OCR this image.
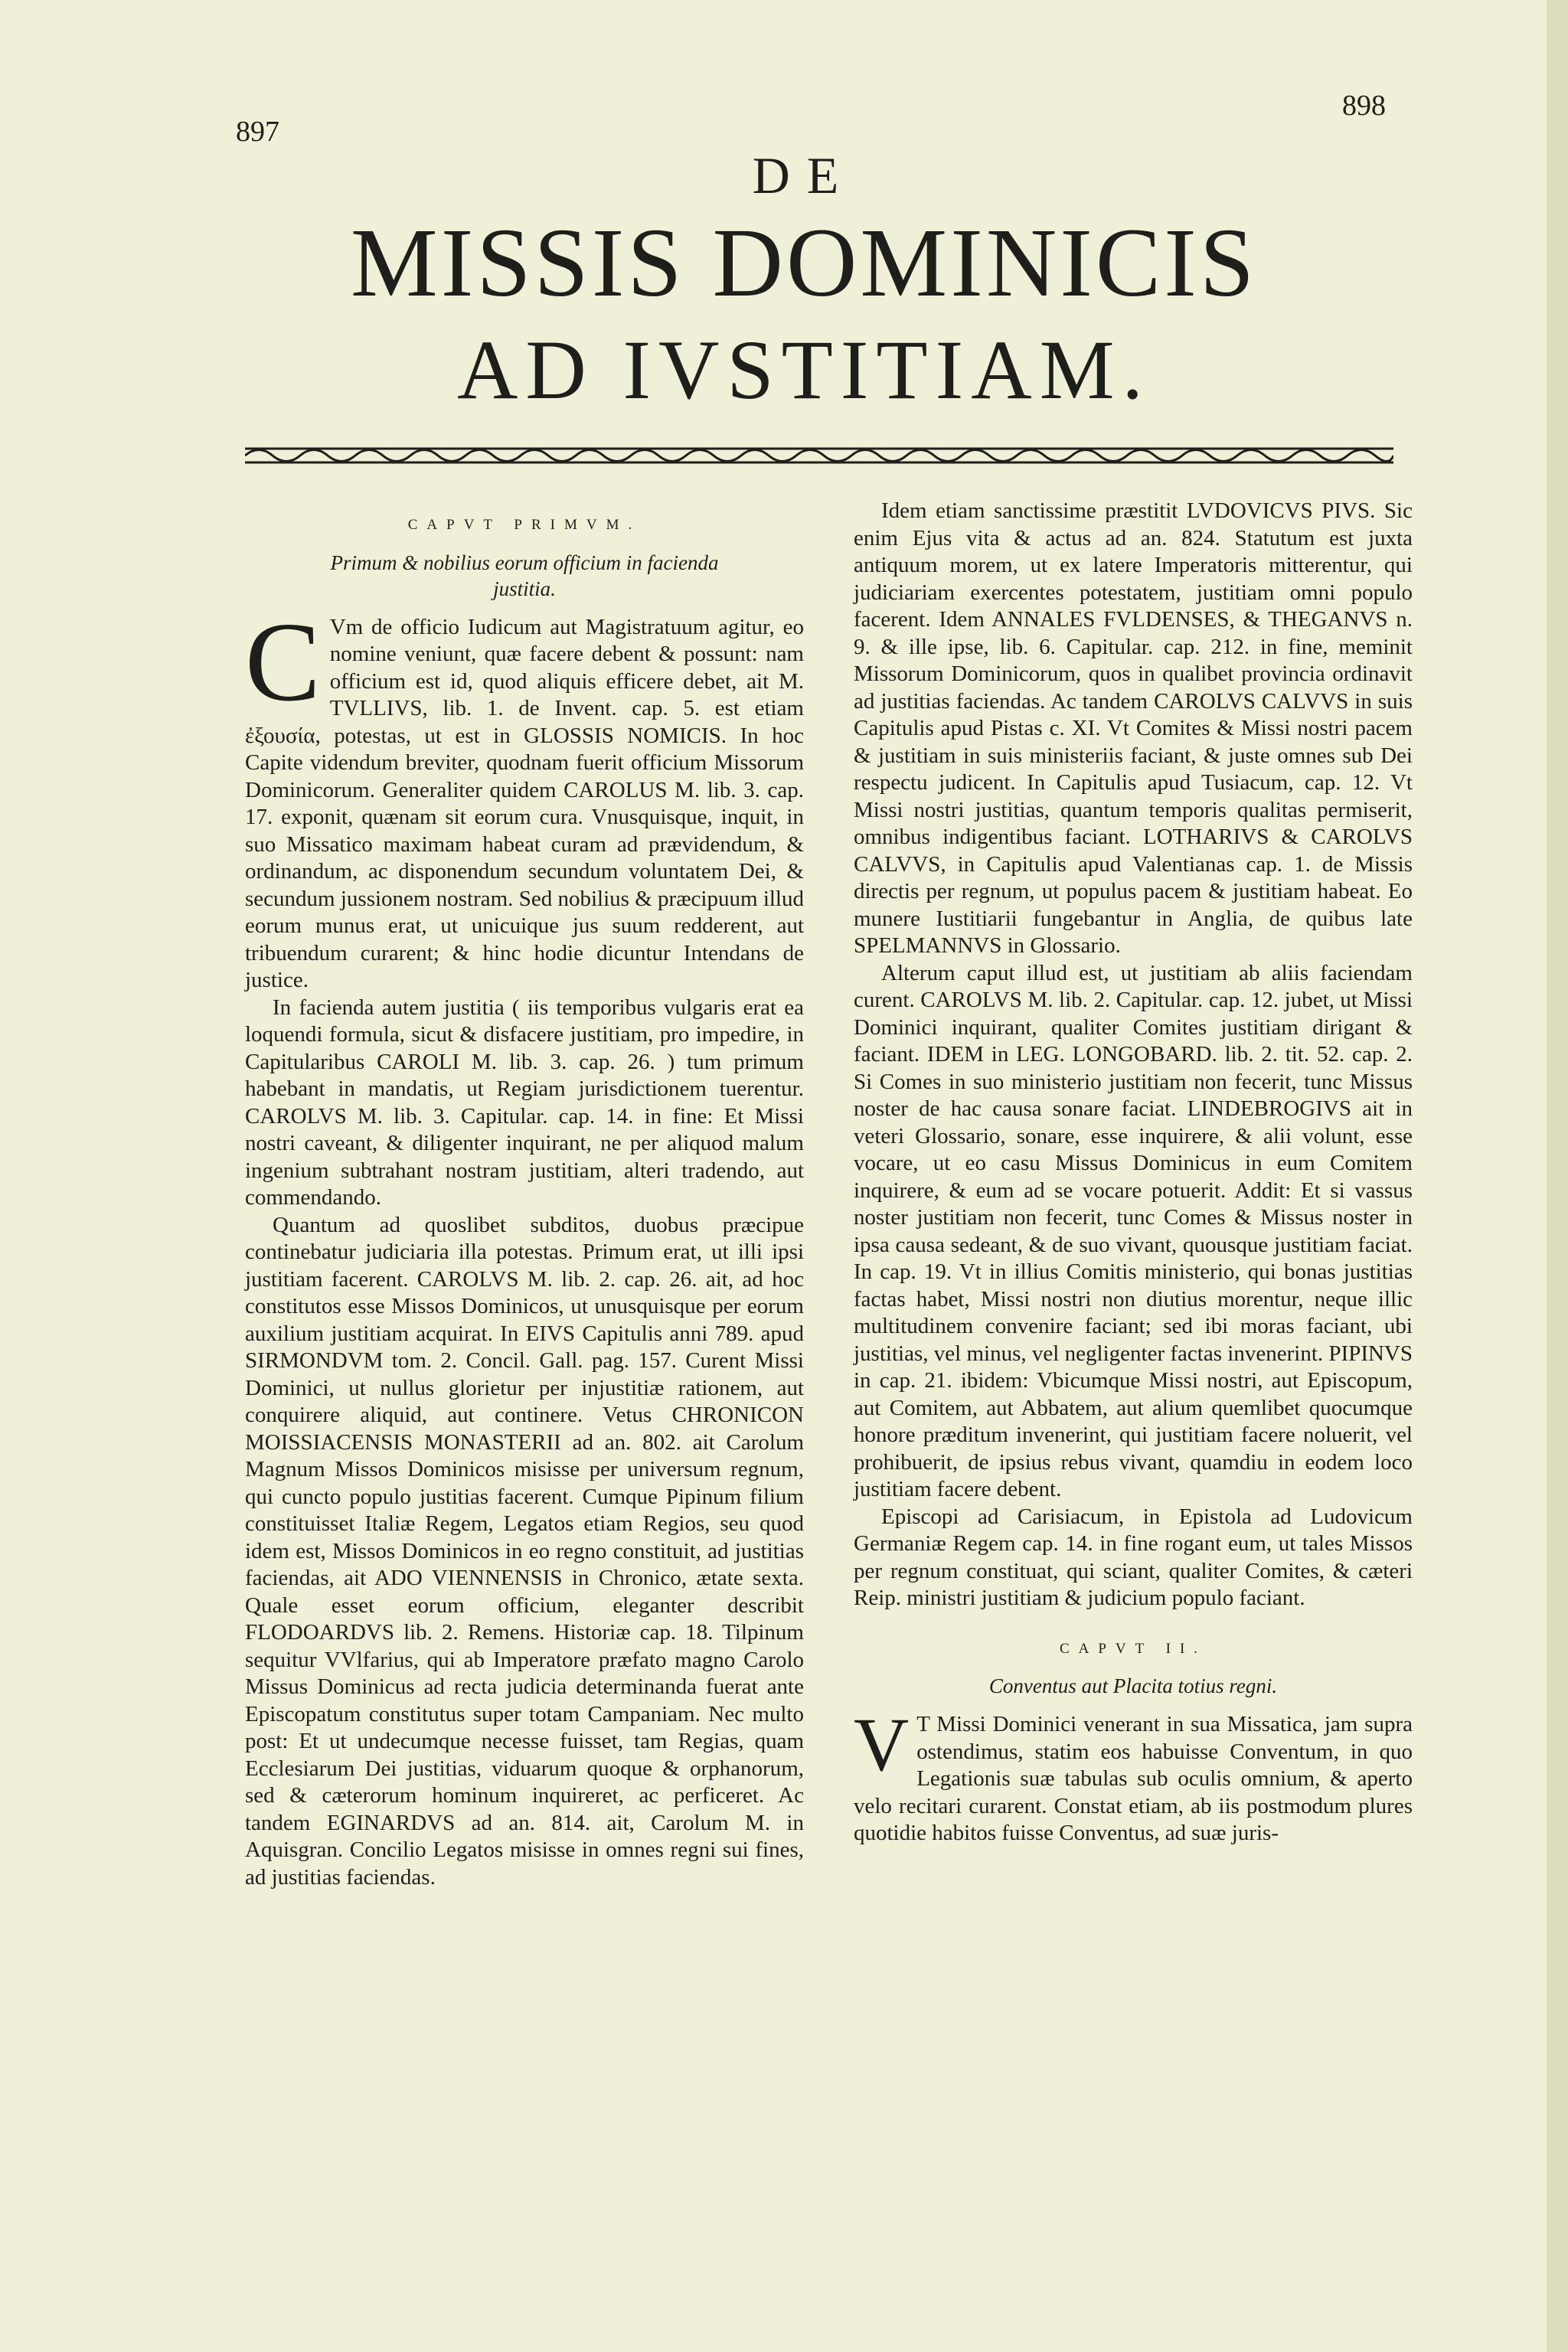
897
898
DE
MISSIS DOMINICIS
AD IVSTITIAM.
CAPVT PRIMVM.
Primum & nobilius eorum officium in facienda justitia.

C Vm de officio Iudicum aut Magistratuum agitur, eo nomine veniunt, quæ facere debent & possunt: nam officium est id, quod aliquis efficere debet, ait M. TVLLIVS, lib. 1. de Invent. cap. 5. est etiam ἐξουσία, potestas, ut est in GLOSSIS NOMICIS. In hoc Capite videndum breviter, quodnam fuerit officium Missorum Dominicorum. Generaliter quidem CAROLUS M. lib. 3. cap. 17. exponit, quænam sit eorum cura. Vnusquisque, inquit, in suo Missatico maximam habeat curam ad prævidendum, & ordinandum, ac disponendum secundum voluntatem Dei, & secundum jussionem nostram. Sed nobilius & præcipuum illud eorum munus erat, ut unicuique jus suum redderent, aut tribuendum curarent; & hinc hodie dicuntur Intendans de justice.

In facienda autem justitia ( iis temporibus vulgaris erat ea loquendi formula, sicut & disfacere justitiam, pro impedire, in Capitularibus CAROLI M. lib. 3. cap. 26. ) tum primum habebant in mandatis, ut Regiam jurisdictionem tuerentur. CAROLVS M. lib. 3. Capitular. cap. 14. in fine: Et Missi nostri caveant, & diligenter inquirant, ne per aliquod malum ingenium subtrahant nostram justitiam, alteri tradendo, aut commendando.

Quantum ad quoslibet subditos, duobus præcipue continebatur judiciaria illa potestas. Primum erat, ut illi ipsi justitiam facerent. CAROLVS M. lib. 2. cap. 26. ait, ad hoc constitutos esse Missos Dominicos, ut unusquisque per eorum auxilium justitiam acquirat. In EIVS Capitulis anni 789. apud SIRMONDVM tom. 2. Concil. Gall. pag. 157. Curent Missi Dominici, ut nullus glorietur per injustitiæ rationem, aut conquirere aliquid, aut continere. Vetus CHRONICON MOISSIACENSIS MONASTERII ad an. 802. ait Carolum Magnum Missos Dominicos misisse per universum regnum, qui cuncto populo justitias facerent. Cumque Pipinum filium constituisset Italiæ Regem, Legatos etiam Regios, seu quod idem est, Missos Dominicos in eo regno constituit, ad justitias faciendas, ait ADO VIENNENSIS in Chronico, ætate sexta. Quale esset eorum officium, eleganter describit FLODOARDVS lib. 2. Remens. Historiæ cap. 18. Tilpinum sequitur VVlfarius, qui ab Imperatore præfato magno Carolo Missus Dominicus ad recta judicia determinanda fuerat ante Episcopatum constitutus super totam Campaniam. Nec multo post: Et ut undecumque necesse fuisset, tam Regias, quam Ecclesiarum Dei justitias, viduarum quoque & orphanorum, sed & cæterorum hominum inquireret, ac perficeret. Ac tandem EGINARDVS ad an. 814. ait, Carolum M. in Aquisgran. Concilio Legatos misisse in omnes regni sui fines, ad justitias faciendas.

Idem etiam sanctissime præstitit LVDOVICVS PIVS. Sic enim Ejus vita & actus ad an. 824. Statutum est juxta antiquum morem, ut ex latere Imperatoris mitterentur, qui judiciariam exercentes potestatem, justitiam omni populo facerent. Idem ANNALES FVLDENSES, & THEGANVS n. 9. & ille ipse, lib. 6. Capitular. cap. 212. in fine, meminit Missorum Dominicorum, quos in qualibet provincia ordinavit ad justitias faciendas. Ac tandem CAROLVS CALVVS in suis Capitulis apud Pistas c. XI. Vt Comites & Missi nostri pacem & justitiam in suis ministeriis faciant, & juste omnes sub Dei respectu judicent. In Capitulis apud Tusiacum, cap. 12. Vt Missi nostri justitias, quantum temporis qualitas permiserit, omnibus indigentibus faciant. LOTHARIVS & CAROLVS CALVVS, in Capitulis apud Valentianas cap. 1. de Missis directis per regnum, ut populus pacem & justitiam habeat. Eo munere Iustitiarii fungebantur in Anglia, de quibus late SPELMANNVS in Glossario.

Alterum caput illud est, ut justitiam ab aliis faciendam curent. CAROLVS M. lib. 2. Capitular. cap. 12. jubet, ut Missi Dominici inquirant, qualiter Comites justitiam dirigant & faciant. IDEM in LEG. LONGOBARD. lib. 2. tit. 52. cap. 2. Si Comes in suo ministerio justitiam non fecerit, tunc Missus noster de hac causa sonare faciat. LINDEBROGIVS ait in veteri Glossario, sonare, esse inquirere, & alii volunt, esse vocare, ut eo casu Missus Dominicus in eum Comitem inquirere, & eum ad se vocare potuerit. Addit: Et si vassus noster justitiam non fecerit, tunc Comes & Missus noster in ipsa causa sedeant, & de suo vivant, quousque justitiam faciat. In cap. 19. Vt in illius Comitis ministerio, qui bonas justitias factas habet, Missi nostri non diutius morentur, neque illic multitudinem convenire faciant; sed ibi moras faciant, ubi justitias, vel minus, vel negligenter factas invenerint. PIPINVS in cap. 21. ibidem: Vbicumque Missi nostri, aut Episcopum, aut Comitem, aut Abbatem, aut alium quemlibet quocumque honore præditum invenerint, qui justitiam facere noluerit, vel prohibuerit, de ipsius rebus vivant, quamdiu in eodem loco justitiam facere debent.

Episcopi ad Carisiacum, in Epistola ad Ludovicum Germaniæ Regem cap. 14. in fine rogant eum, ut tales Missos per regnum constituat, qui sciant, qualiter Comites, & cæteri Reip. ministri justitiam & judicium populo faciant.

CAPVT II.
Conventus aut Placita totius regni.

V T Missi Dominici venerant in sua Missatica, jam supra ostendimus, statim eos habuisse Conventum, in quo Legationis suæ tabulas sub oculis omnium, & aperto velo recitari curarent. Constat etiam, ab iis postmodum plures quotidie habitos fuisse Conventus, ad suæ juris-
